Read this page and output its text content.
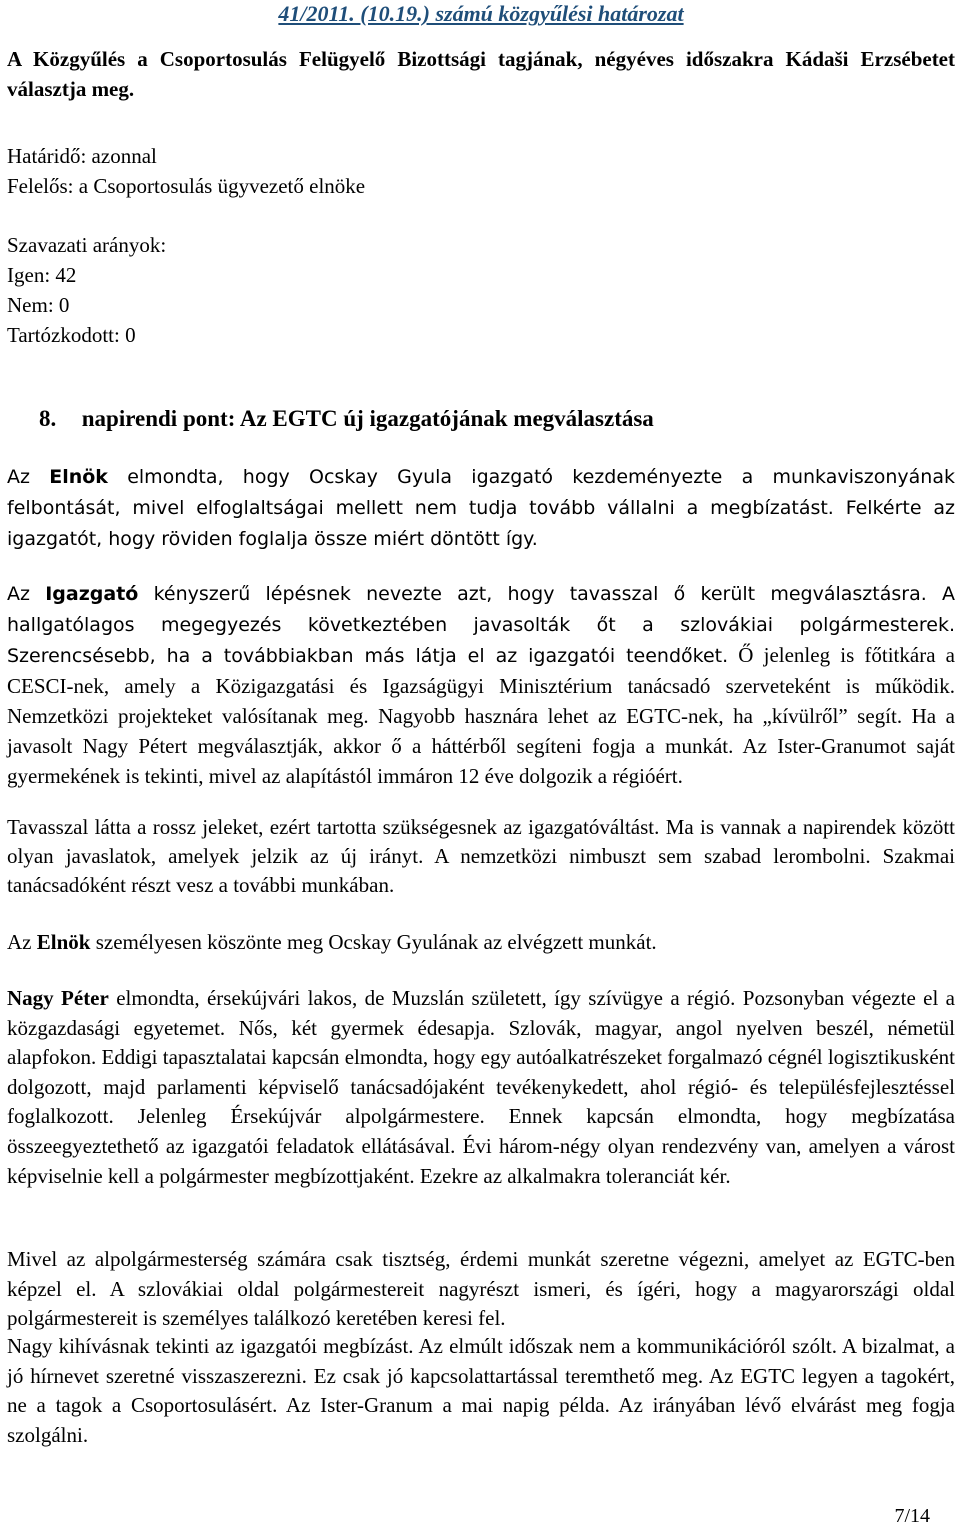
41/2011. (10.19.) számú közgyűlési határozat
A Közgyűlés a Csoportosulás Felügyelő Bizottsági tagjának, négyéves időszakra Kádaši Erzsébetet választja meg.
Határidő: azonnal
Felelős: a Csoportosulás ügyvezető elnöke
Szavazati arányok:
Igen: 42
Nem: 0
Tartózkodott: 0
8. napirendi pont: Az EGTC új igazgatójának megválasztása
Az Elnök elmondta, hogy Ocskay Gyula igazgató kezdeményezte a munkaviszonyának felbontását, mivel elfoglaltságai mellett nem tudja tovább vállalni a megbízatást. Felkérte az igazgatót, hogy röviden foglalja össze miért döntött így.
Az Igazgató kényszerű lépésnek nevezte azt, hogy tavasszal ő került megválasztásra. A hallgatólagos megegyezés következtében javasolták őt a szlovákiai polgármesterek. Szerencsésebb, ha a továbbiakban más látja el az igazgatói teendőket. Ő jelenleg is főtitkára a CESCI-nek, amely a Közigazgatási és Igazságügyi Minisztérium tanácsadó szerveteként is működik. Nemzetközi projekteket valósítanak meg. Nagyobb hasznára lehet az EGTC-nek, ha „kívülről” segít. Ha a javasolt Nagy Pétert megválasztják, akkor ő a háttérből segíteni fogja a munkát. Az Ister-Granumot saját gyermekének is tekinti, mivel az alapítástól immáron 12 éve dolgozik a régióért.
Tavasszal látta a rossz jeleket, ezért tartotta szükségesnek az igazgatóváltást. Ma is vannak a napirendek között olyan javaslatok, amelyek jelzik az új irányt. A nemzetközi nimbuszt sem szabad lerombolni. Szakmai tanácsadóként részt vesz a további munkában.
Az Elnök személyesen köszönte meg Ocskay Gyulának az elvégzett munkát.
Nagy Péter elmondta, érsekújvári lakos, de Muzslán született, így szívügye a régió. Pozsonyban végezte el a közgazdasági egyetemet. Nős, két gyermek édesapja. Szlovák, magyar, angol nyelven beszél, németül alapfokon. Eddigi tapasztalatai kapcsán elmondta, hogy egy autóalkatrészeket forgalmazó cégnél logisztikusként dolgozott, majd parlamenti képviselő tanácsadójaként tevékenykedett, ahol régió- és településfejlesztéssel foglalkozott. Jelenleg Érsekújvár alpolgármestere. Ennek kapcsán elmondta, hogy megbízatása összeegyeztethető az igazgatói feladatok ellátásával. Évi három-négy olyan rendezvény van, amelyen a várost képviselnie kell a polgármester megbízottjaként. Ezekre az alkalmakra toleranciát kér.
Mivel az alpolgármesterség számára csak tisztség, érdemi munkát szeretne végezni, amelyet az EGTC-ben képzel el. A szlovákiai oldal polgármestereit nagyrészt ismeri, és ígéri, hogy a magyarországi oldal polgármestereit is személyes találkozó keretében keresi fel.
Nagy kihívásnak tekinti az igazgatói megbízást. Az elmúlt időszak nem a kommunikációról szólt. A bizalmat, a jó hírnevet szeretné visszaszerezni. Ez csak jó kapcsolattartással teremthető meg. Az EGTC legyen a tagokért, ne a tagok a Csoportosulásért. Az Ister-Granum a mai napig példa. Az irányában lévő elvárást meg fogja szolgálni.
7/14
